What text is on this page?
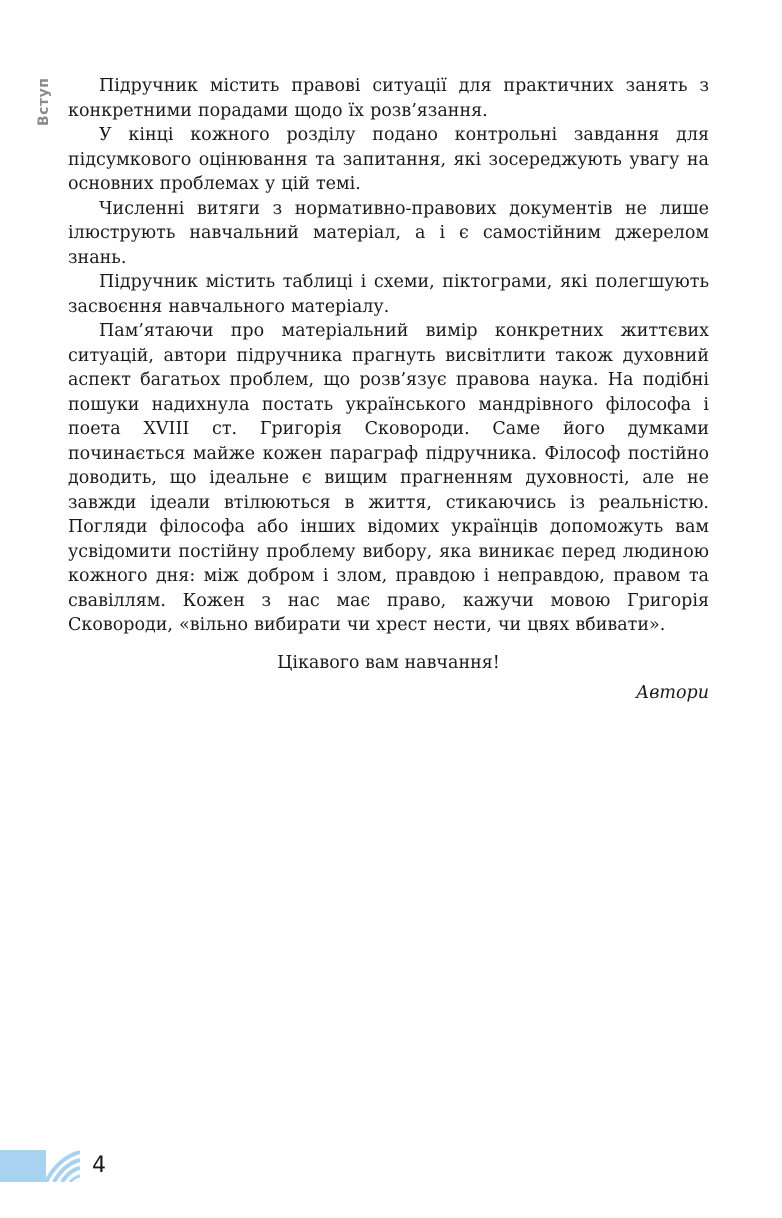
Вступ	Підручник містить правові ситуації для практичних занять з конкретними порадами щодо їх розв’язання.

У кінці кожного розділу подано контрольні завдання для підсумкового оцінювання та запитання, які зосереджують увагу на основних проблемах у цій темі.

Численні витяги з нормативно-правових документів не лише ілюструють навчальний матеріал, а і є самостійним джерелом знань.

Підручник містить таблиці і схеми, піктограми, які полегшують засвоєння навчального матеріалу.

Пам’ятаючи про матеріальний вимір конкретних життєвих ситуацій, автори підручника прагнуть висвітлити також духовний аспект багатьох проблем, що розв’язує правова наука. На подібні пошуки надихнула постать українського мандрівного філософа і поета XVIII ст. Григорія Сковороди. Саме його думками починається майже кожен параграф підручника. Філософ постійно доводить, що ідеальне є вищим прагненням духовності, але не завжди ідеали втілюються в життя, стикаючись із реальністю. Погляди філософа або інших відомих українців допоможуть вам усвідомити постійну проблему вибору, яка виникає перед людиною кожного дня: між добром і злом, правдою і неправдою, правом та свавіллям. Кожен з нас має право, кажучи мовою Григорія Сковороди, «вільно вибирати чи хрест нести, чи цвях вбивати».

Цікавого вам навчання!

Автори

4
